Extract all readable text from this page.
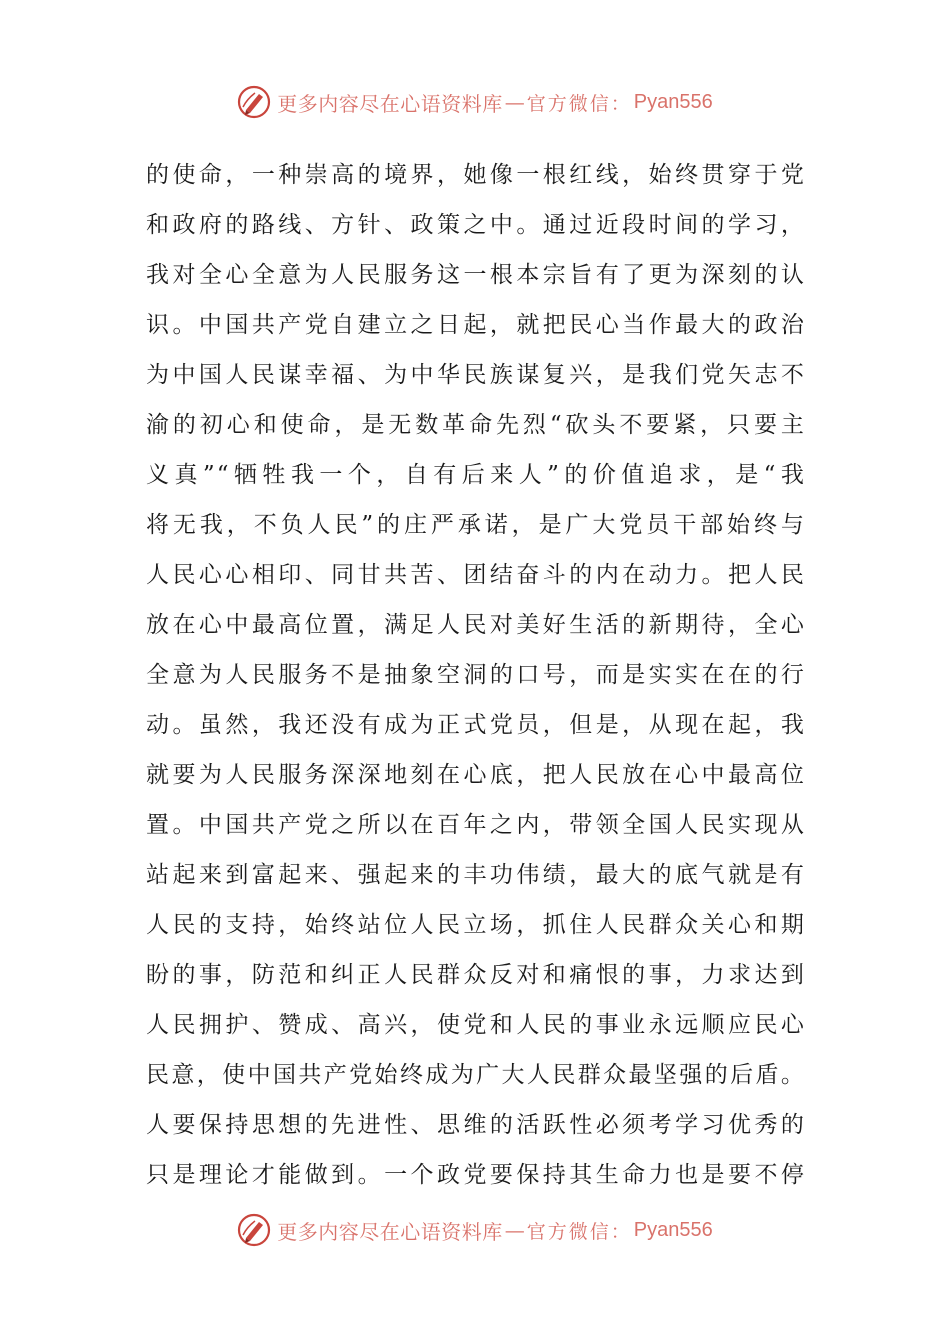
更多内容尽在心语资料库 — 官方微信： Pyan556
的使命，一种崇高的境界，她像一根红线，始终贯穿于党
和政府的路线、方针、政策之中。通过近段时间的学习，
我对全心全意为人民服务这一根本宗旨有了更为深刻的认
识。中国共产党自建立之日起，就把民心当作最大的政治
为中国人民谋幸福、为中华民族谋复兴，是我们党矢志不
渝的初心和使命，是无数革命先烈“砍头不要紧，只要主
义真”“牺牲我一个，自有后来人”的价值追求，是“我
将无我，不负人民”的庄严承诺，是广大党员干部始终与
人民心心相印、同甘共苦、团结奋斗的内在动力。把人民
放在心中最高位置，满足人民对美好生活的新期待，全心
全意为人民服务不是抽象空洞的口号，而是实实在在的行
动。虽然，我还没有成为正式党员，但是，从现在起，我
就要为人民服务深深地刻在心底，把人民放在心中最高位
置。中国共产党之所以在百年之内，带领全国人民实现从
站起来到富起来、强起来的丰功伟绩，最大的底气就是有
人民的支持，始终站位人民立场，抓住人民群众关心和期
盼的事，防范和纠正人民群众反对和痛恨的事，力求达到
人民拥护、赞成、高兴，使党和人民的事业永远顺应民心
民意，使中国共产党始终成为广大人民群众最坚强的后盾。
人要保持思想的先进性、思维的活跃性必须考学习优秀的
只是理论才能做到。一个政党要保持其生命力也是要不停
更多内容尽在心语资料库 — 官方微信： Pyan556
